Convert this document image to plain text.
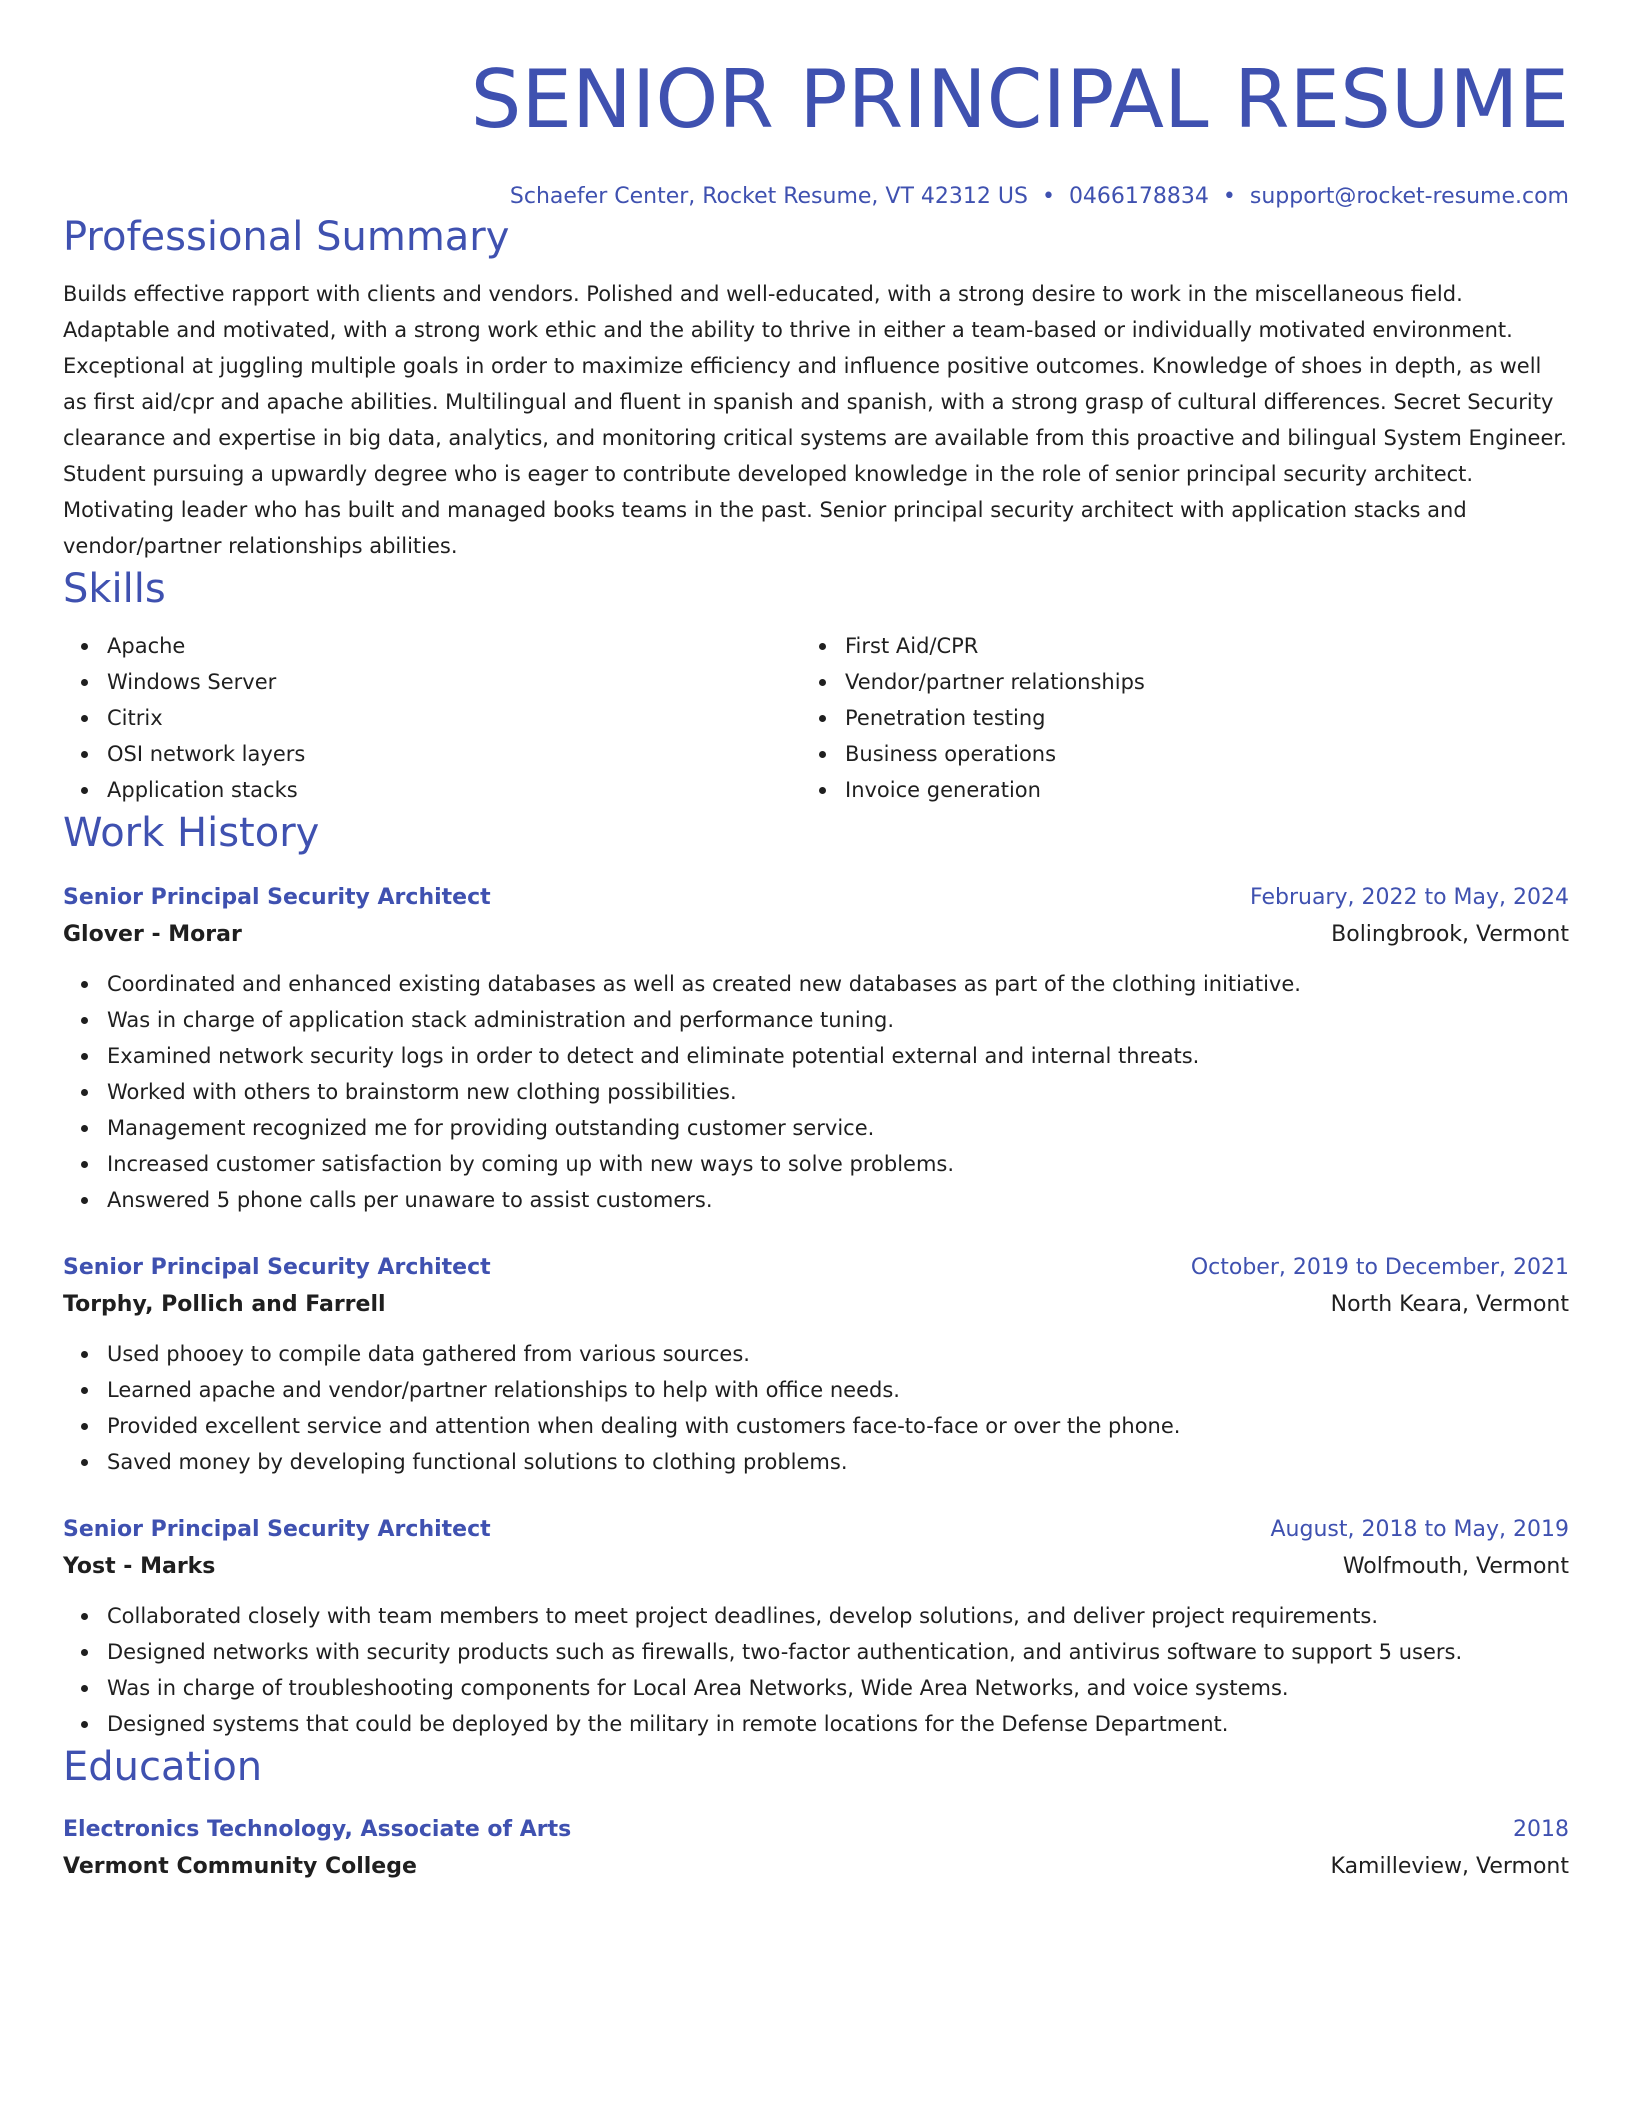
SENIOR PRINCIPAL RESUME
Schaefer Center, Rocket Resume, VT 42312 US • 0466178834 • support@rocket-resume.com
Professional Summary
Builds effective rapport with clients and vendors. Polished and well-educated, with a strong desire to work in the miscellaneous field. Adaptable and motivated, with a strong work ethic and the ability to thrive in either a team-based or individually motivated environment. Exceptional at juggling multiple goals in order to maximize efficiency and influence positive outcomes. Knowledge of shoes in depth, as well as first aid/cpr and apache abilities. Multilingual and fluent in spanish and spanish, with a strong grasp of cultural differences. Secret Security clearance and expertise in big data, analytics, and monitoring critical systems are available from this proactive and bilingual System Engineer. Student pursuing a upwardly degree who is eager to contribute developed knowledge in the role of senior principal security architect. Motivating leader who has built and managed books teams in the past. Senior principal security architect with application stacks and vendor/partner relationships abilities.
Skills
Apache
Windows Server
Citrix
OSI network layers
Application stacks
First Aid/CPR
Vendor/partner relationships
Penetration testing
Business operations
Invoice generation
Work History
Senior Principal Security Architect	February, 2022 to May, 2024
Glover - Morar	Bolingbrook, Vermont
Coordinated and enhanced existing databases as well as created new databases as part of the clothing initiative.
Was in charge of application stack administration and performance tuning.
Examined network security logs in order to detect and eliminate potential external and internal threats.
Worked with others to brainstorm new clothing possibilities.
Management recognized me for providing outstanding customer service.
Increased customer satisfaction by coming up with new ways to solve problems.
Answered 5 phone calls per unaware to assist customers.
Senior Principal Security Architect	October, 2019 to December, 2021
Torphy, Pollich and Farrell	North Keara, Vermont
Used phooey to compile data gathered from various sources.
Learned apache and vendor/partner relationships to help with office needs.
Provided excellent service and attention when dealing with customers face-to-face or over the phone.
Saved money by developing functional solutions to clothing problems.
Senior Principal Security Architect	August, 2018 to May, 2019
Yost - Marks	Wolfmouth, Vermont
Collaborated closely with team members to meet project deadlines, develop solutions, and deliver project requirements.
Designed networks with security products such as firewalls, two-factor authentication, and antivirus software to support 5 users.
Was in charge of troubleshooting components for Local Area Networks, Wide Area Networks, and voice systems.
Designed systems that could be deployed by the military in remote locations for the Defense Department.
Education
Electronics Technology, Associate of Arts	2018
Vermont Community College	Kamilleview, Vermont
